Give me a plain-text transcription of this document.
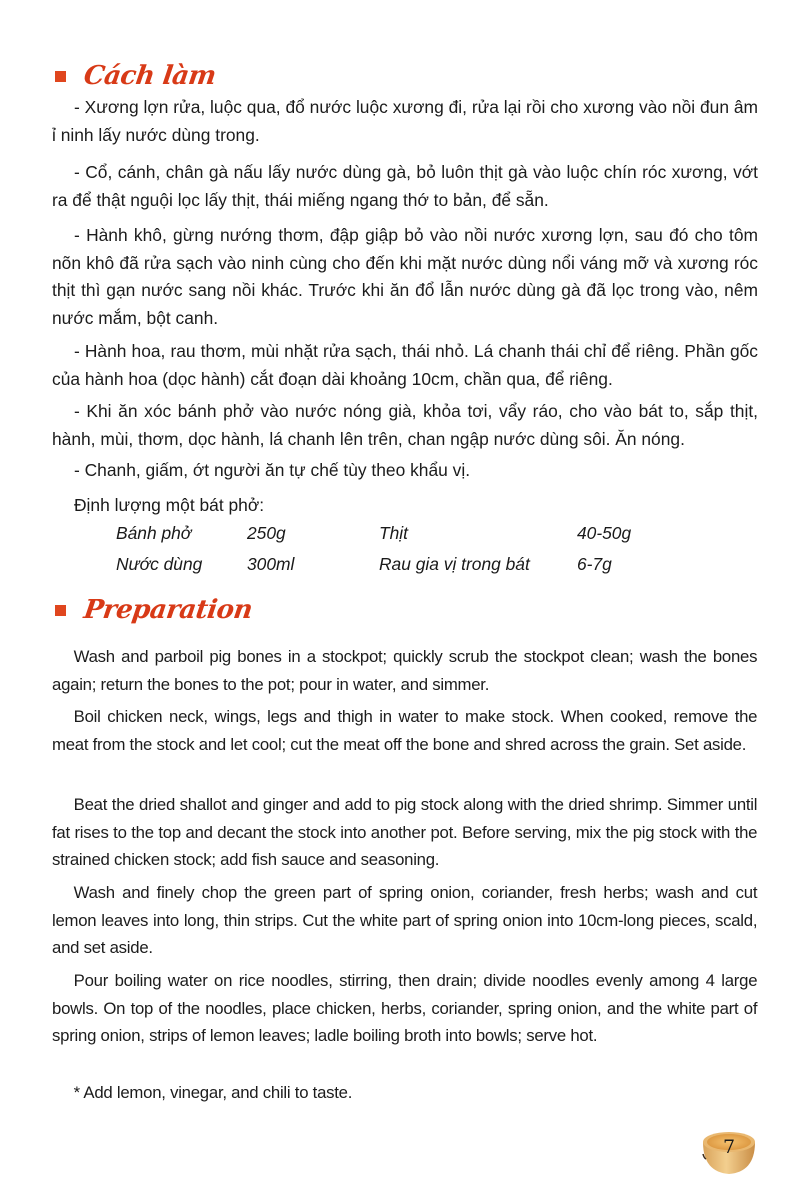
Cách làm

- Xương lợn rửa, luộc qua, đổ nước luộc xương đi, rửa lại rồi cho xương vào nồi đun âm ỉ ninh lấy nước dùng trong.

- Cổ, cánh, chân gà nấu lấy nước dùng gà, bỏ luôn thịt gà vào luộc chín róc xương, vớt ra để thật nguội lọc lấy thịt, thái miếng ngang thớ to bản, để sẵn.

- Hành khô, gừng nướng thơm, đập giập bỏ vào nồi nước xương lợn, sau đó cho tôm nõn khô đã rửa sạch vào ninh cùng cho đến khi mặt nước dùng nổi váng mỡ và xương róc thịt thì gạn nước sang nồi khác. Trước khi ăn đổ lẫn nước dùng gà đã lọc trong vào, nêm nước mắm, bột canh.

- Hành hoa, rau thơm, mùi nhặt rửa sạch, thái nhỏ. Lá chanh thái chỉ để riêng. Phần gốc của hành hoa (dọc hành) cắt đoạn dài khoảng 10cm, chần qua, để riêng.

- Khi ăn xóc bánh phở vào nước nóng già, khỏa tơi, vẩy ráo, cho vào bát to, sắp thịt, hành, mùi, thơm, dọc hành, lá chanh lên trên, chan ngập nước dùng sôi. Ăn nóng.

- Chanh, giấm, ớt người ăn tự chế tùy theo khẩu vị.

Định lượng một bát phở:
Bánh phở	250g	Thịt	40-50g
Nước dùng	300ml	Rau gia vị trong bát	6-7g
Preparation

Wash and parboil pig bones in a stockpot; quickly scrub the stockpot clean; wash the bones again; return the bones to the pot; pour in water, and simmer.

Boil chicken neck, wings, legs and thigh in water to make stock. When cooked, remove the meat from the stock and let cool; cut the meat off the bone and shred across the grain. Set aside.

Beat the dried shallot and ginger and add to pig stock along with the dried shrimp. Simmer until fat rises to the top and decant the stock into another pot. Before serving, mix the pig stock with the strained chicken stock; add fish sauce and seasoning.

Wash and finely chop the green part of spring onion, coriander, fresh herbs; wash and cut lemon leaves into long, thin strips. Cut the white part of spring onion into 10cm-long pieces, scald, and set aside.

Pour boiling water on rice noodles, stirring, then drain; divide noodles evenly among 4 large bowls. On top of the noodles, place chicken, herbs, coriander, spring onion, and the white part of spring onion, strips of lemon leaves; ladle boiling broth into bowls; serve hot.

* Add lemon, vinegar, and chili to taste.

7
